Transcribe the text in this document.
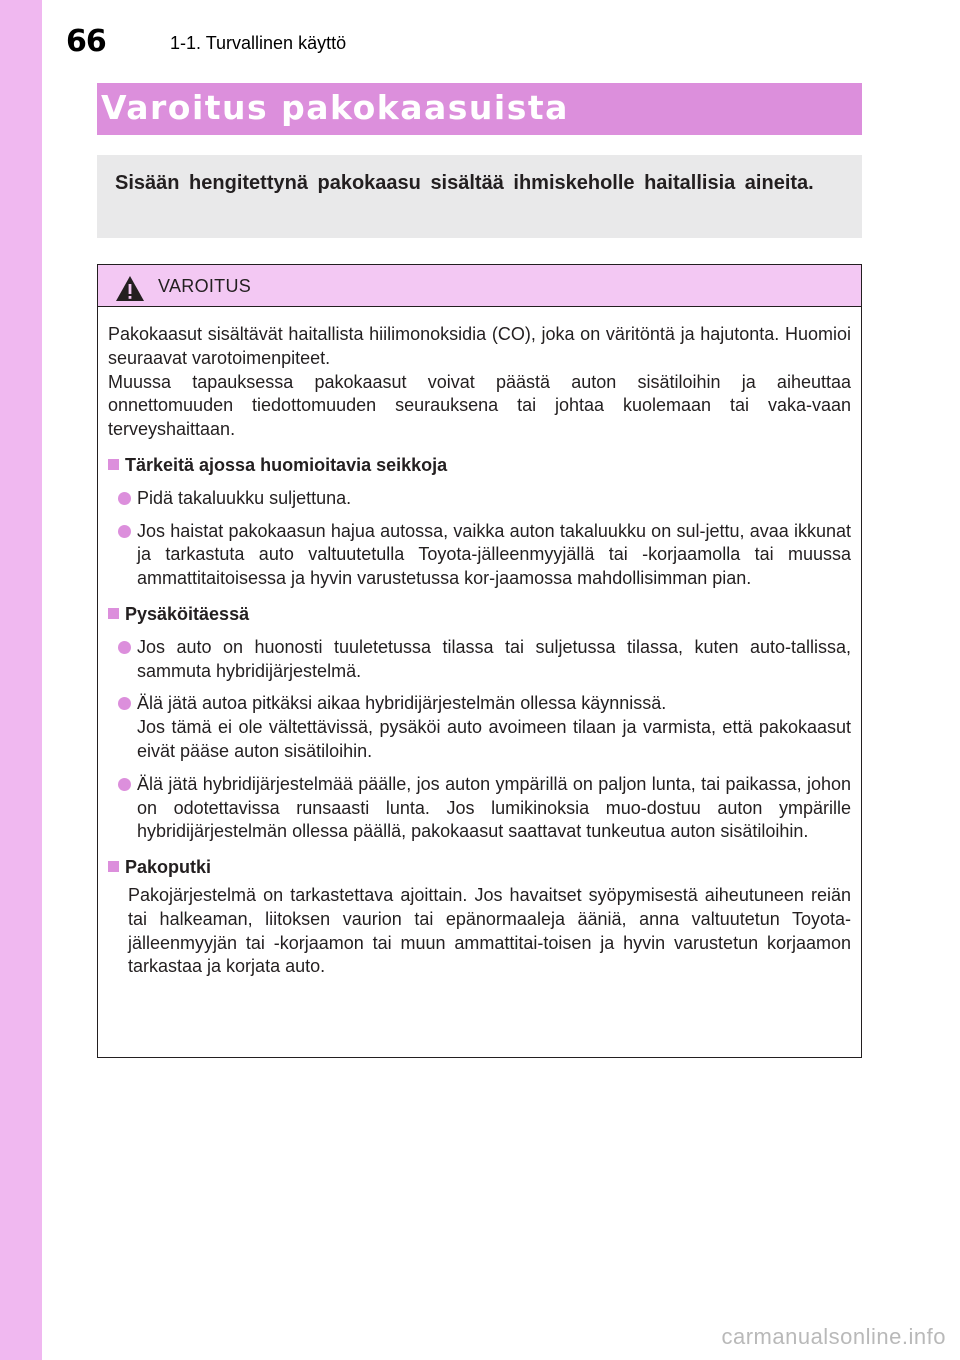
66	1-1. Turvallinen käyttö
Varoitus pakokaasuista
Sisään hengitettynä pakokaasu sisältää ihmiskeholle haitallisia aineita.
VAROITUS

Pakokaasut sisältävät haitallista hiilimonoksidia (CO), joka on väritöntä ja hajutonta. Huomioi seuraavat varotoimenpiteet.

Muussa tapauksessa pakokaasut voivat päästä auton sisätiloihin ja aiheuttaa onnettomuuden tiedottomuuden seurauksena tai johtaa kuolemaan tai vaka-vaan terveyshaittaan.

Tärkeitä ajossa huomioitavia seikkoja
Pidä takaluukku suljettuna.
Jos haistat pakokaasun hajua autossa, vaikka auton takaluukku on sul-jettu, avaa ikkunat ja tarkastuta auto valtuutetulla Toyota-jälleenmyyjällä tai -korjaamolla tai muussa ammattitaitoisessa ja hyvin varustetussa kor-jaamossa mahdollisimman pian.
Pysäköitäessä
Jos auto on huonosti tuuletetussa tilassa tai suljetussa tilassa, kuten auto-tallissa, sammuta hybridijärjestelmä.
Älä jätä autoa pitkäksi aikaa hybridijärjestelmän ollessa käynnissä.
Jos tämä ei ole vältettävissä, pysäköi auto avoimeen tilaan ja varmista, että pakokaasut eivät pääse auton sisätiloihin.
Älä jätä hybridijärjestelmää päälle, jos auton ympärillä on paljon lunta, tai paikassa, johon on odotettavissa runsaasti lunta. Jos lumikinoksia muo-dostuu auton ympärille hybridijärjestelmän ollessa päällä, pakokaasut saattavat tunkeutua auton sisätiloihin.
Pakoputki
Pakojärjestelmä on tarkastettava ajoittain. Jos havaitset syöpymisestä aiheutuneen reiän tai halkeaman, liitoksen vaurion tai epänormaaleja ääniä, anna valtuutetun Toyota-jälleenmyyjän tai -korjaamon tai muun ammattitai-toisen ja hyvin varustetun korjaamon tarkastaa ja korjata auto.
carmanualsonline.info
